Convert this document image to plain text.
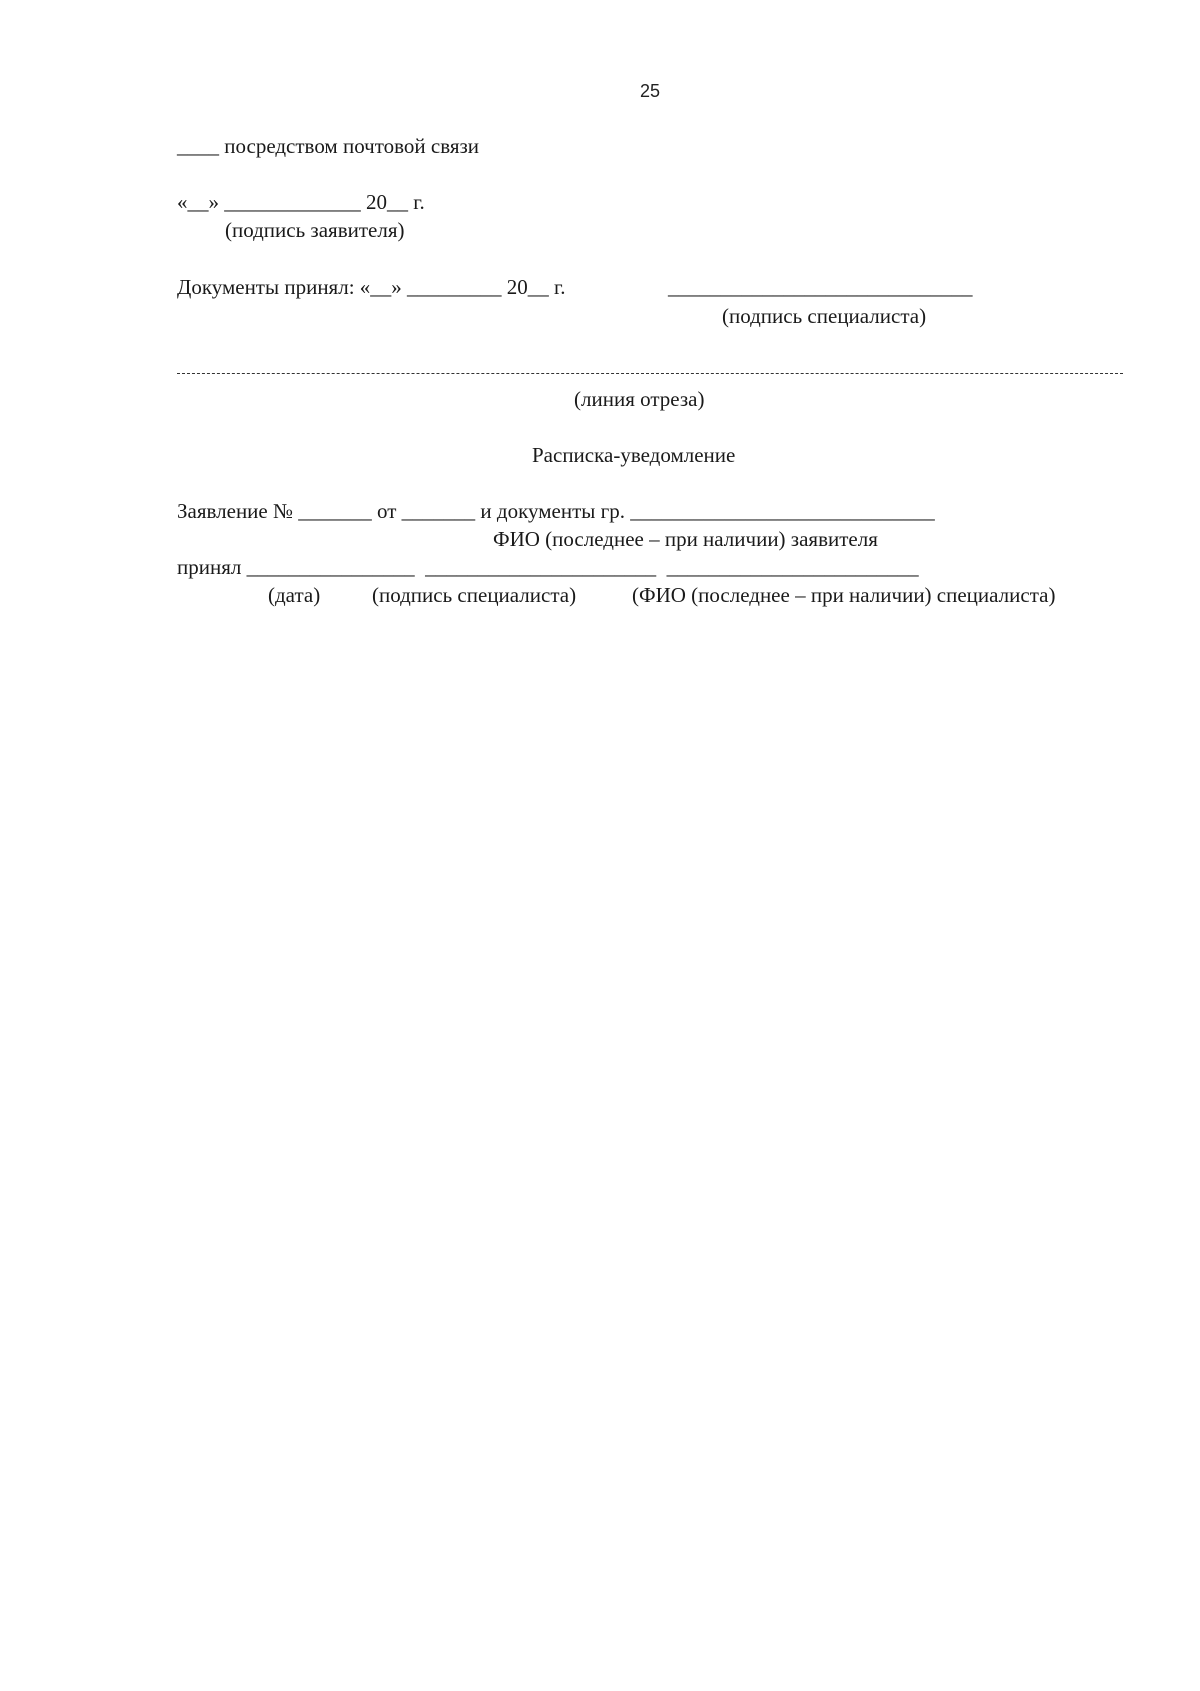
25
____ посредством почтовой связи
«__» _____________ 20__ г.
(подпись заявителя)
Документы принял: «__» _________ 20__ г.	_____________________________
(подпись специалиста)
(линия отреза)
Расписка-уведомление
Заявление № _______ от _______ и документы гр. _____________________________
ФИО (последнее – при наличии) заявителя
принял ________________  ______________________  ________________________
(дата) (подпись специалиста)	(ФИО (последнее – при наличии) специалиста)
